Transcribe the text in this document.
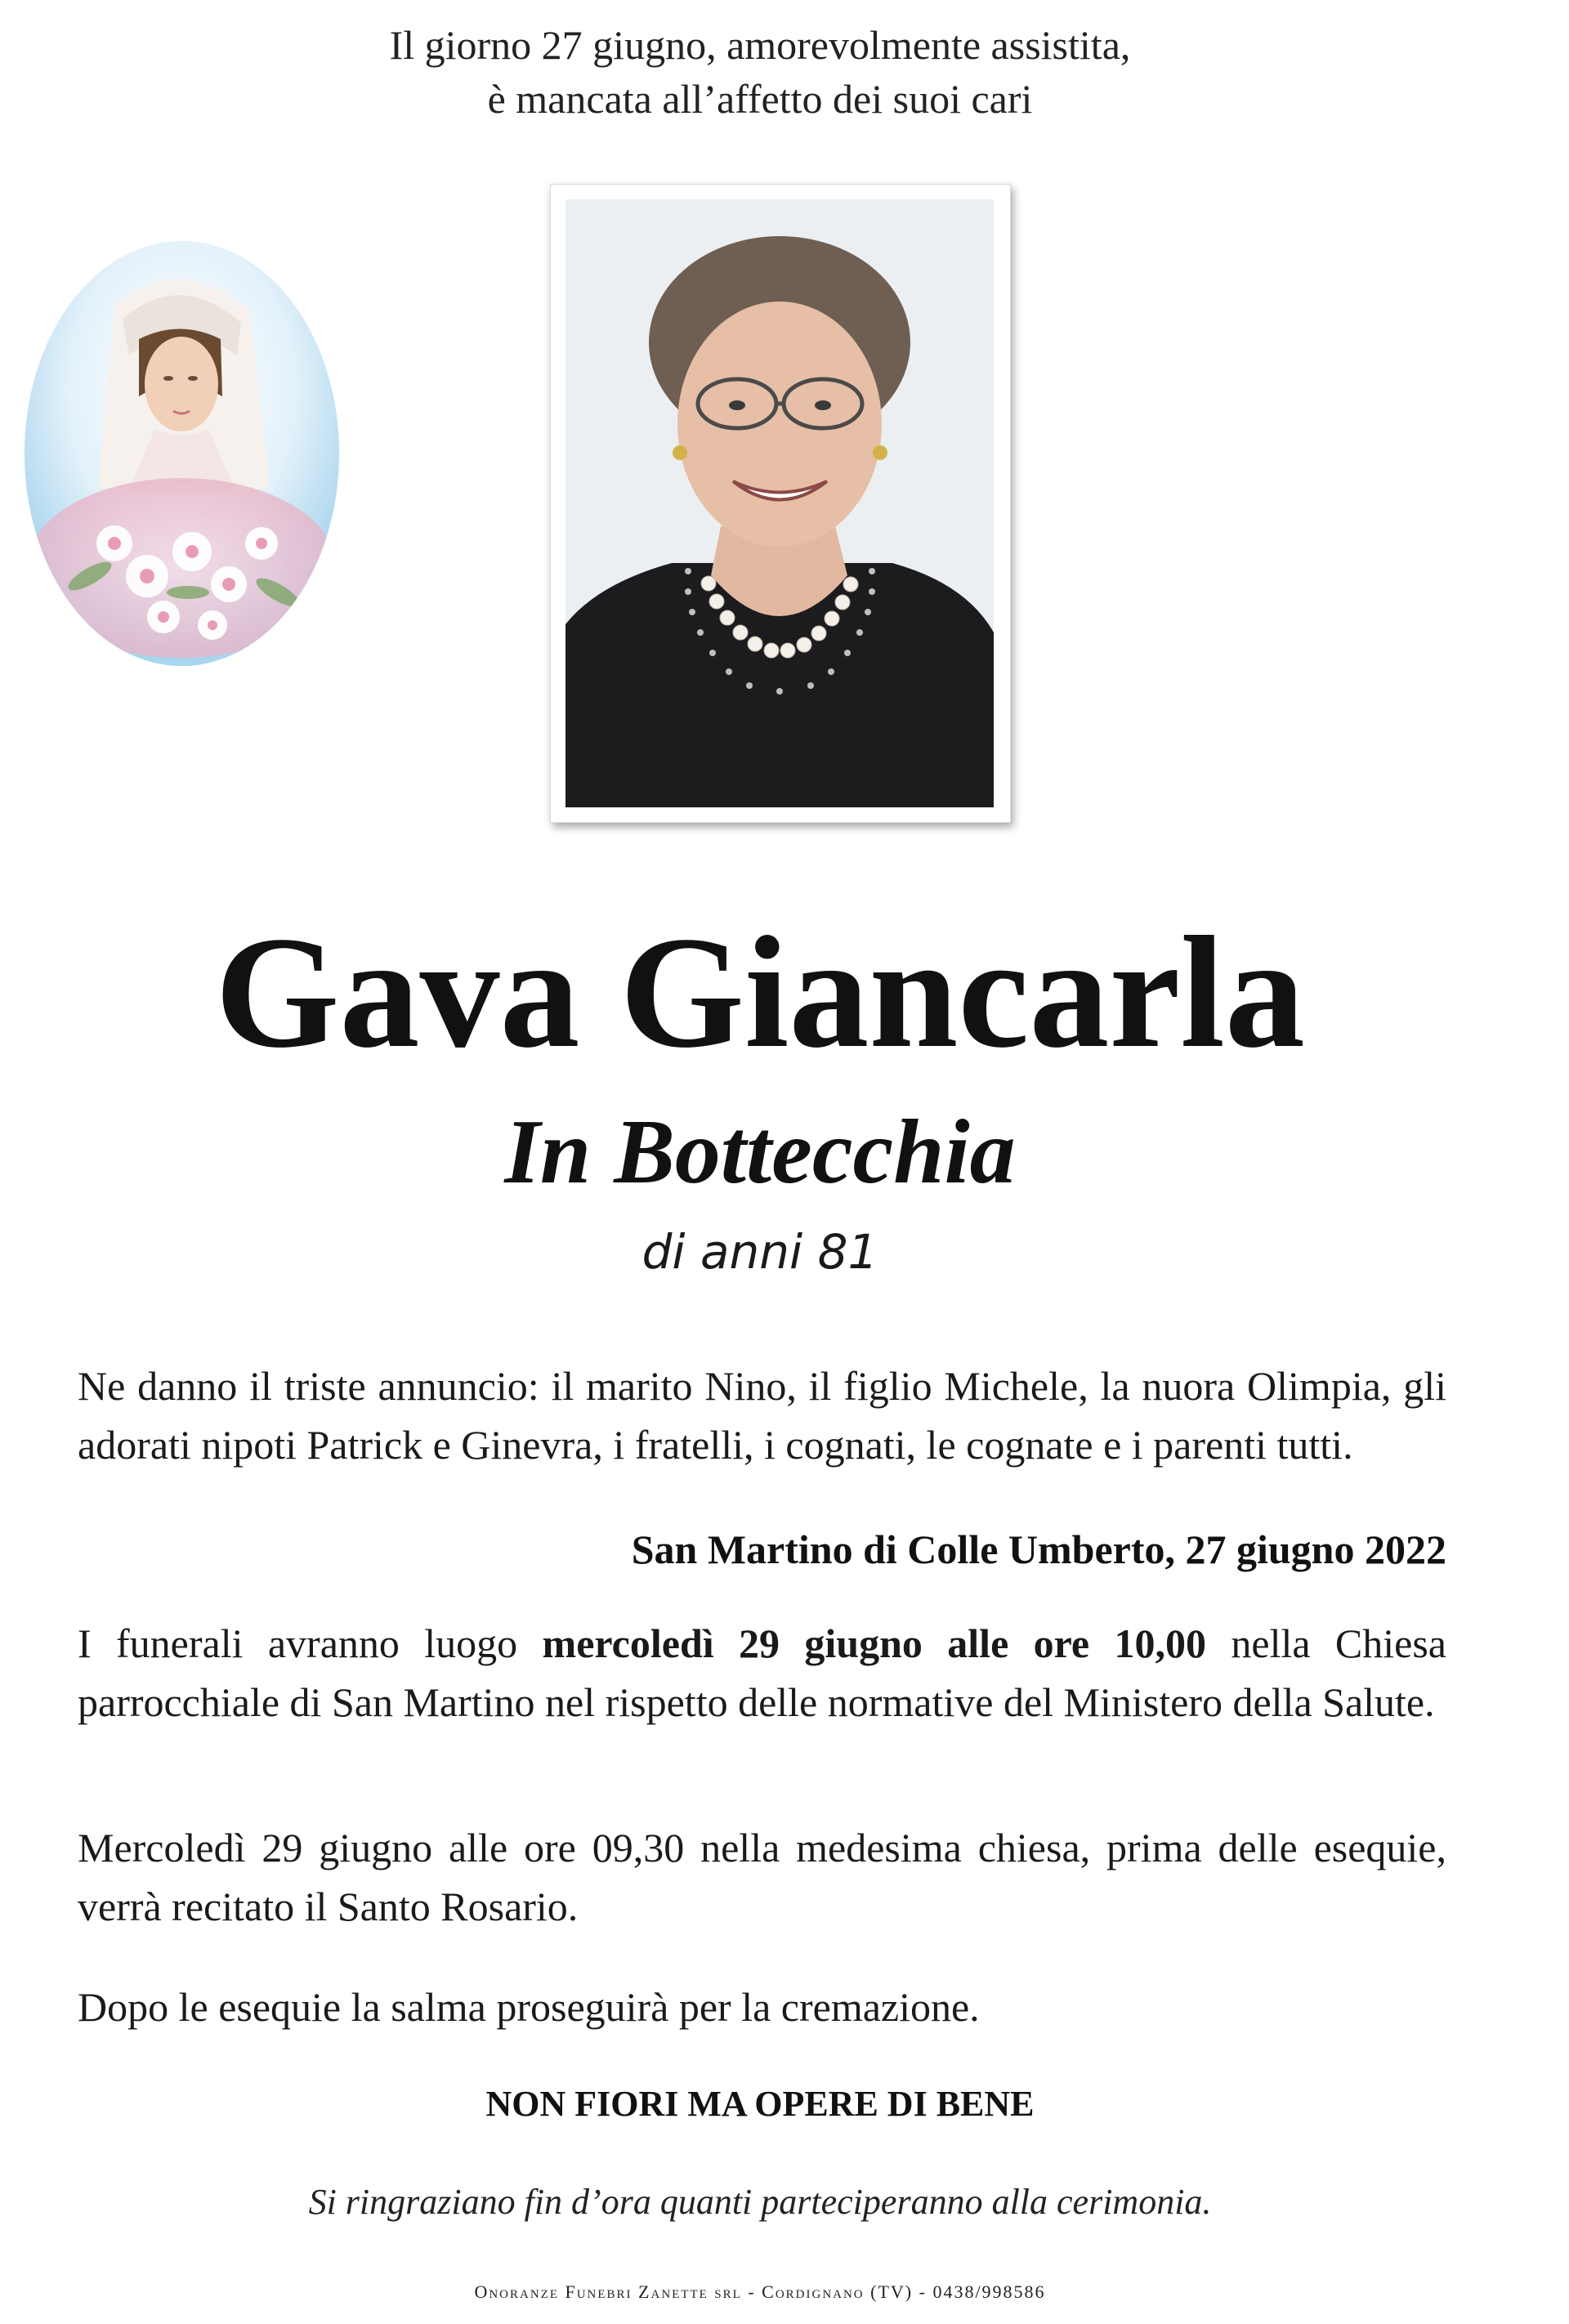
Il giorno 27 giugno, amorevolmente assistita,
è mancata all’affetto dei suoi cari
Gava Giancarla
In Bottecchia
di anni 81
Ne danno il triste annuncio: il marito Nino, il figlio Michele, la nuora Olimpia, gli adorati nipoti Patrick e Ginevra, i fratelli, i cognati, le cognate e i parenti tutti.
San Martino di Colle Umberto, 27 giugno 2022
I funerali avranno luogo mercoledì 29 giugno alle ore 10,00 nella Chiesa parrocchiale di San Martino nel rispetto delle normative del Ministero della Salute.
Mercoledì 29 giugno alle ore 09,30 nella medesima chiesa, prima delle esequie, verrà recitato il Santo Rosario.
Dopo le esequie la salma proseguirà per la cremazione.
NON FIORI MA OPERE DI BENE
Si ringraziano fin d’ora quanti parteciperanno alla cerimonia.
Onoranze Funebri Zanette srl - Cordignano (TV) - 0438/998586
